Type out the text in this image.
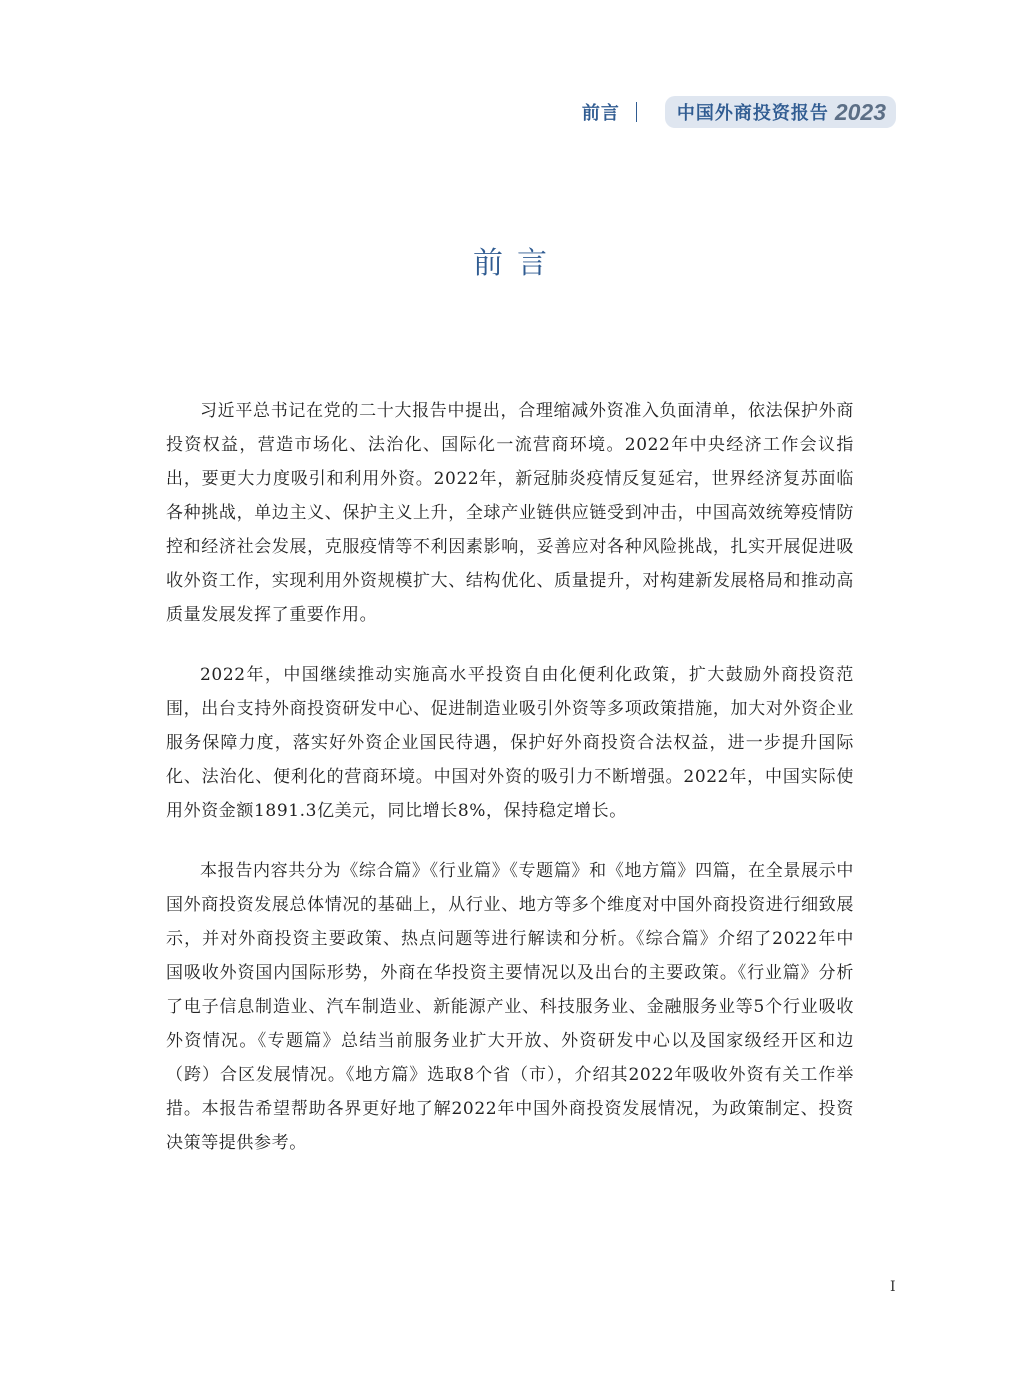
前言	中国外商投资报告 2023
前言

习近平总书记在党的二十大报告中提出，合理缩减外资准入负面清单，依法保护外商投资权益，营造市场化、法治化、国际化一流营商环境。2022年中央经济工作会议指出，要更大力度吸引和利用外资。2022年，新冠肺炎疫情反复延宕，世界经济复苏面临各种挑战，单边主义、保护主义上升，全球产业链供应链受到冲击，中国高效统筹疫情防控和经济社会发展，克服疫情等不利因素影响，妥善应对各种风险挑战，扎实开展促进吸收外资工作，实现利用外资规模扩大、结构优化、质量提升，对构建新发展格局和推动高质量发展发挥了重要作用。

2022年，中国继续推动实施高水平投资自由化便利化政策，扩大鼓励外商投资范围，出台支持外商投资研发中心、促进制造业吸引外资等多项政策措施，加大对外资企业服务保障力度，落实好外资企业国民待遇，保护好外商投资合法权益，进一步提升国际化、法治化、便利化的营商环境。中国对外资的吸引力不断增强。2022年，中国实际使用外资金额1891.3亿美元，同比增长8%，保持稳定增长。

本报告内容共分为《综合篇》《行业篇》《专题篇》和《地方篇》四篇，在全景展示中国外商投资发展总体情况的基础上，从行业、地方等多个维度对中国外商投资进行细致展示，并对外商投资主要政策、热点问题等进行解读和分析。《综合篇》介绍了2022年中国吸收外资国内国际形势，外商在华投资主要情况以及出台的主要政策。《行业篇》分析了电子信息制造业、汽车制造业、新能源产业、科技服务业、金融服务业等5个行业吸收外资情况。《专题篇》总结当前服务业扩大开放、外资研发中心以及国家级经开区和边（跨）合区发展情况。《地方篇》选取8个省（市），介绍其2022年吸收外资有关工作举措。本报告希望帮助各界更好地了解2022年中国外商投资发展情况，为政策制定、投资决策等提供参考。

I
